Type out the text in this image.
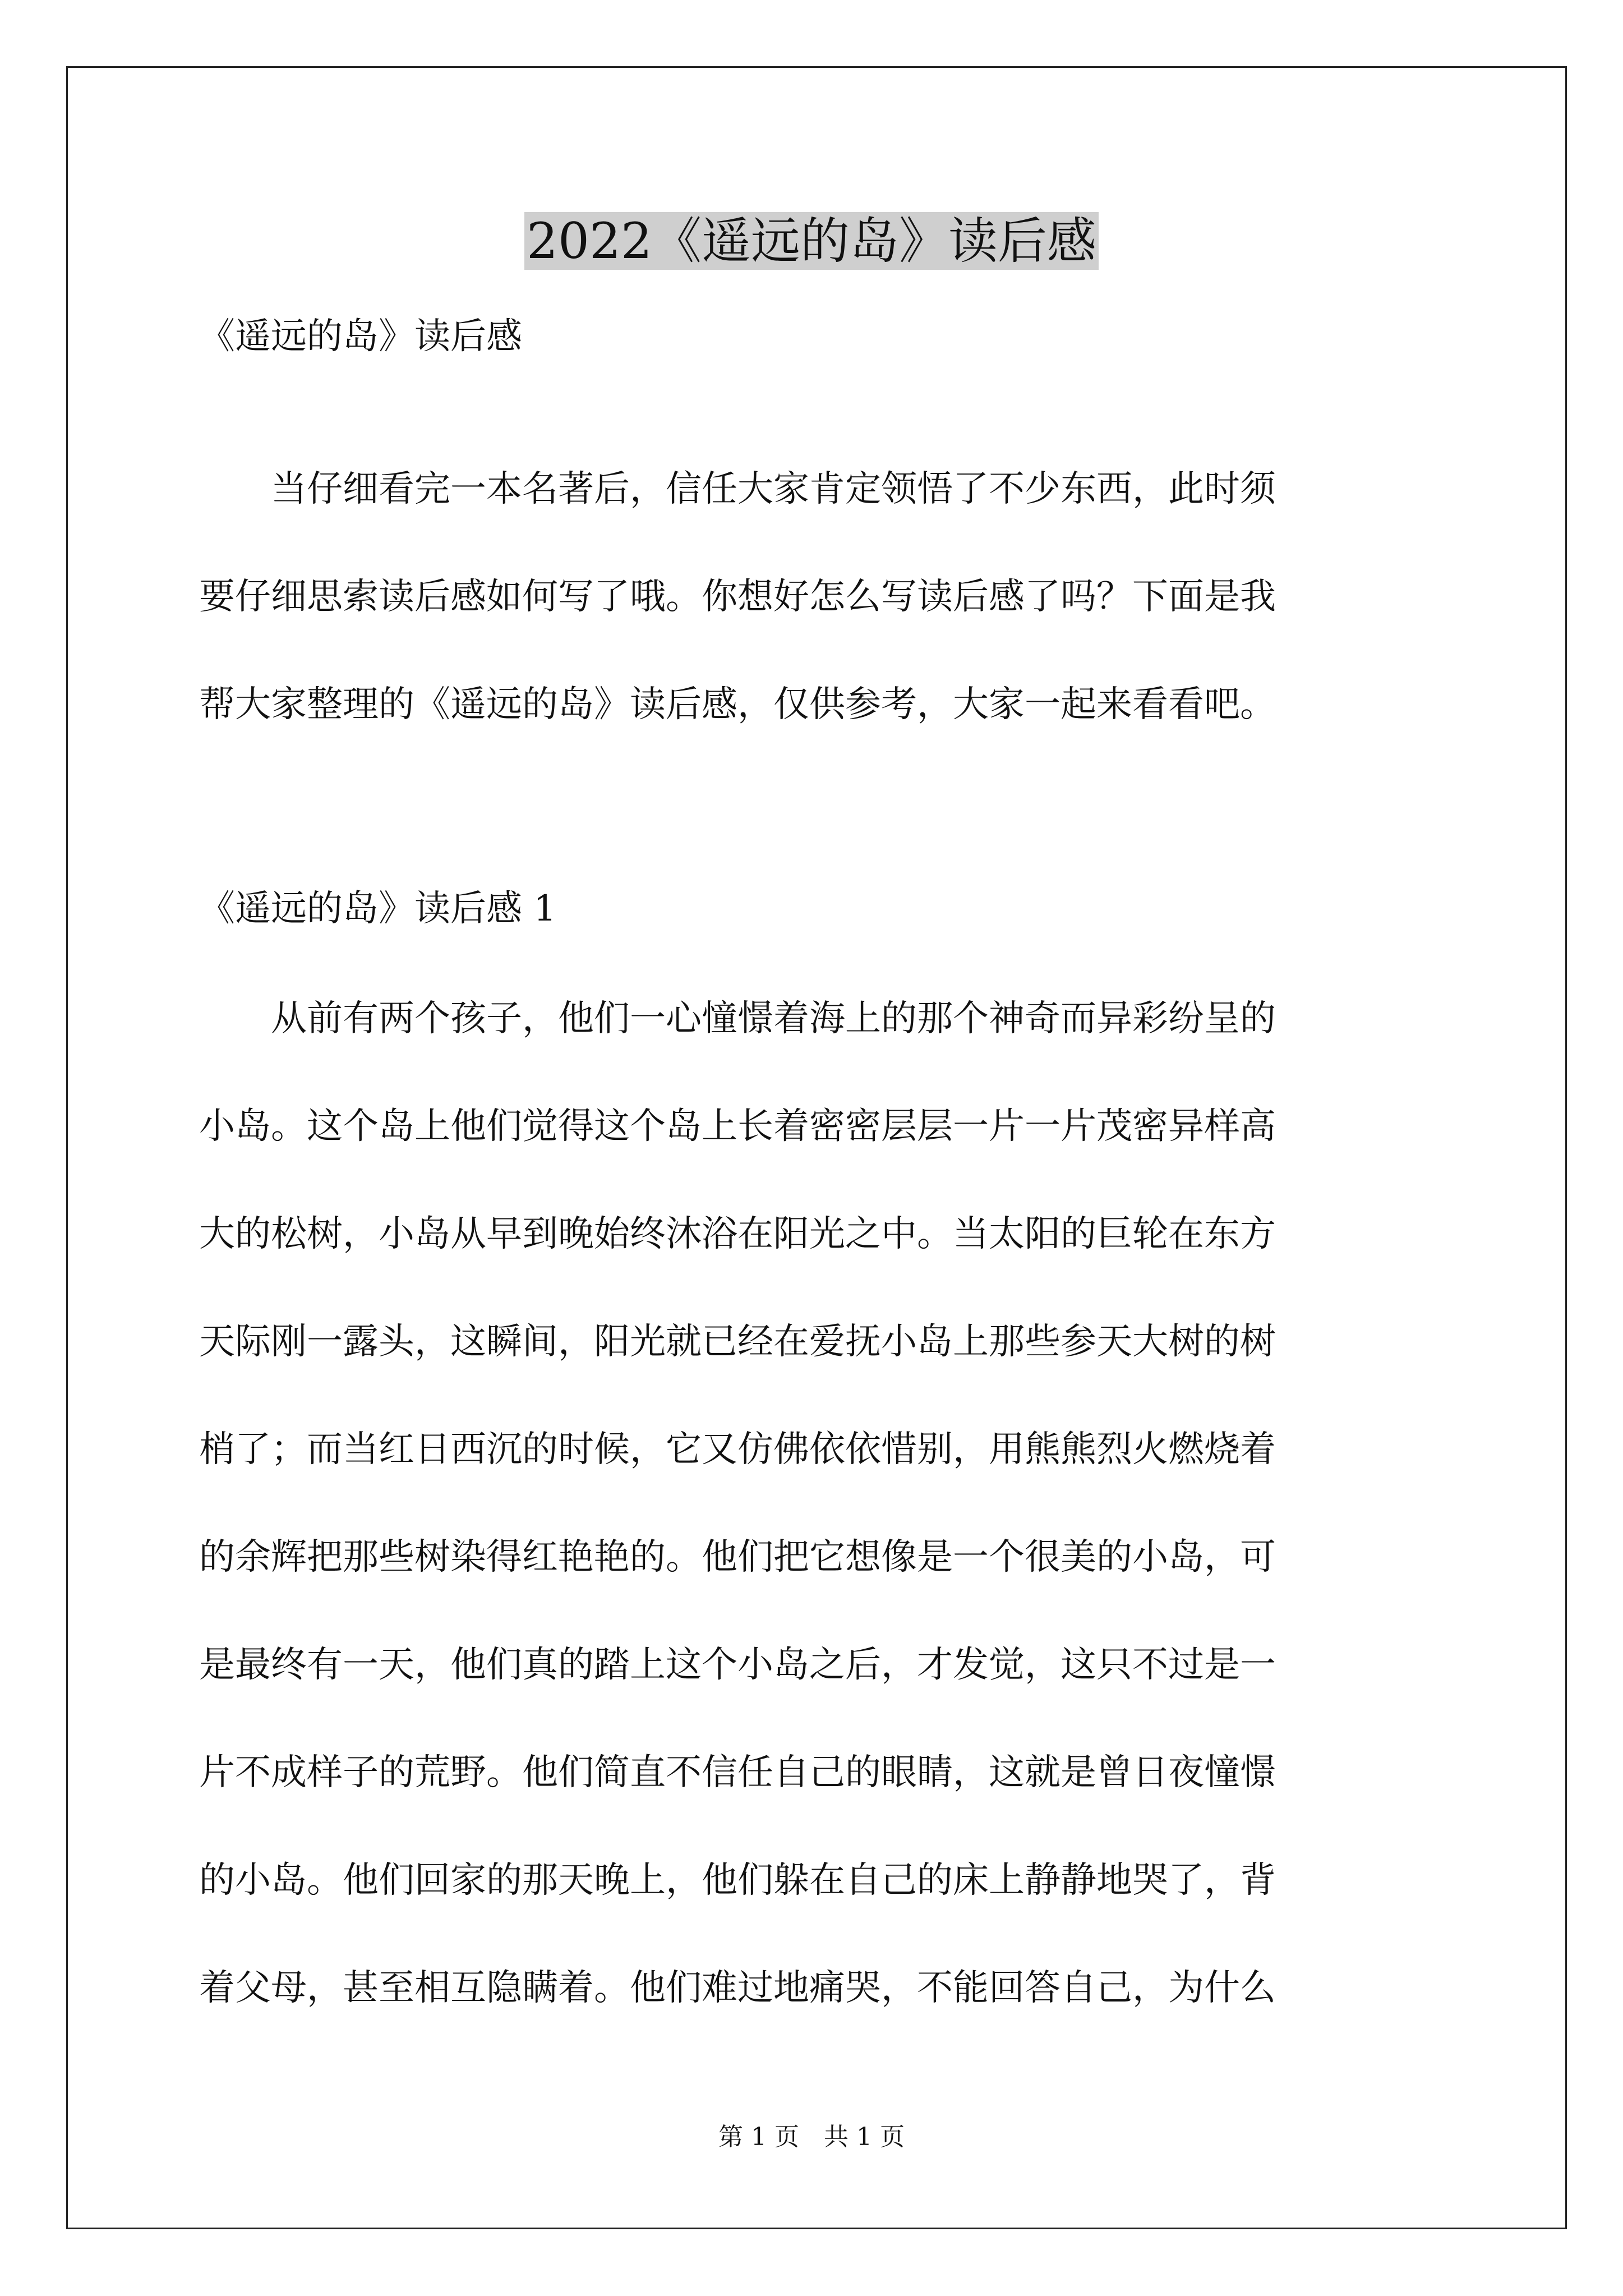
2022《遥远的岛》读后感
《遥远的岛》读后感
　　当仔细看完一本名著后，信任大家肯定领悟了不少东西，此时须
要仔细思索读后感如何写了哦。你想好怎么写读后感了吗？下面是我
帮大家整理的《遥远的岛》读后感，仅供参考，大家一起来看看吧。
《遥远的岛》读后感 1
　　从前有两个孩子，他们一心憧憬着海上的那个神奇而异彩纷呈的
小岛。这个岛上他们觉得这个岛上长着密密层层一片一片茂密异样高
大的松树，小岛从早到晚始终沐浴在阳光之中。当太阳的巨轮在东方
天际刚一露头，这瞬间，阳光就已经在爱抚小岛上那些参天大树的树
梢了；而当红日西沉的时候，它又仿佛依依惜别，用熊熊烈火燃烧着
的余辉把那些树染得红艳艳的。他们把它想像是一个很美的小岛，可
是最终有一天，他们真的踏上这个小岛之后，才发觉，这只不过是一
片不成样子的荒野。他们简直不信任自己的眼睛，这就是曾日夜憧憬
的小岛。他们回家的那天晚上，他们躲在自己的床上静静地哭了，背
着父母，甚至相互隐瞒着。他们难过地痛哭，不能回答自己，为什么
第 1 页　共 1 页
